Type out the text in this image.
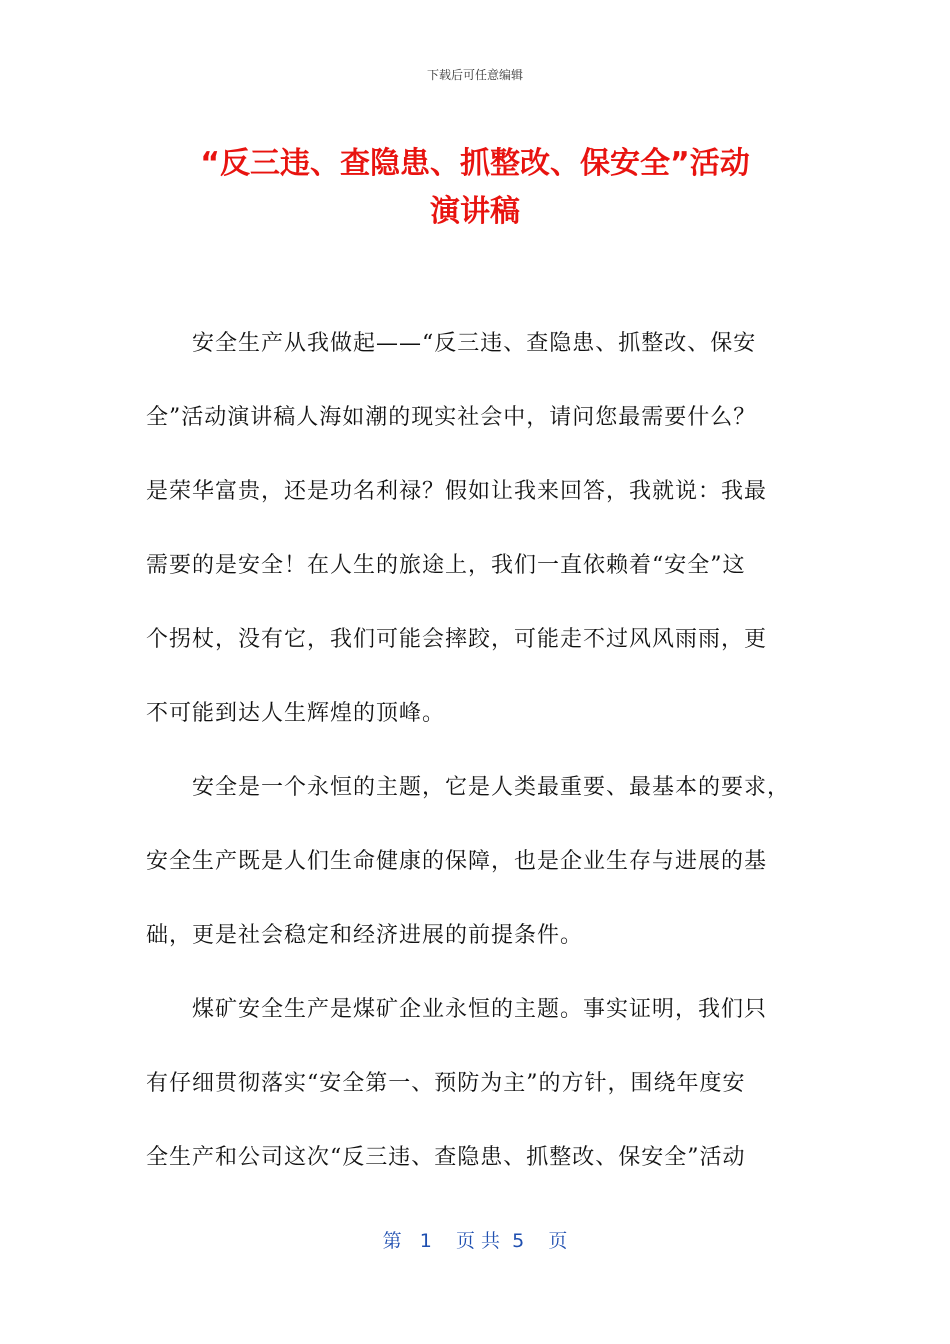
下载后可任意编辑
“反三违、查隐患、抓整改、保安全”活动
演讲稿
安全生产从我做起——“反三违、查隐患、抓整改、保安
全”活动演讲稿人海如潮的现实社会中，请问您最需要什么？
是荣华富贵，还是功名利禄？假如让我来回答，我就说：我最
需要的是安全！在人生的旅途上，我们一直依赖着“安全”这
个拐杖，没有它，我们可能会摔跤，可能走不过风风雨雨，更
不可能到达人生辉煌的顶峰。
安全是一个永恒的主题，它是人类最重要、最基本的要求，
安全生产既是人们生命健康的保障，也是企业生存与进展的基
础，更是社会稳定和经济进展的前提条件。
煤矿安全生产是煤矿企业永恒的主题。事实证明，我们只
有仔细贯彻落实“安全第一、预防为主”的方针，围绕年度安
全生产和公司这次“反三违、查隐患、抓整改、保安全”活动
第   1    页 共  5    页
